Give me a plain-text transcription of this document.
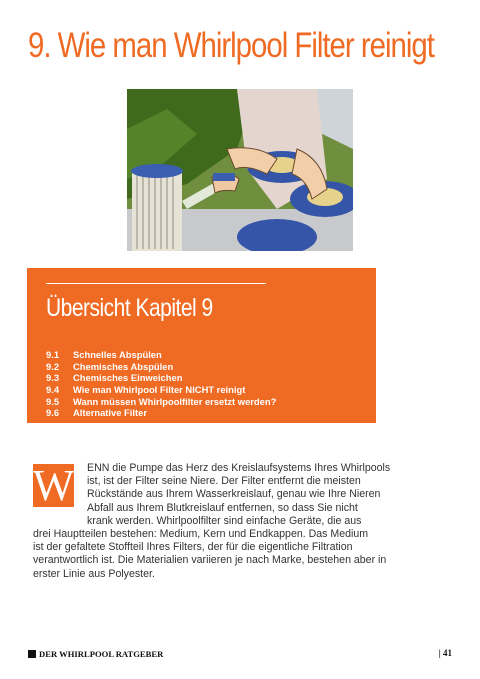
9. Wie man Whirlpool Filter reinigt
Übersicht Kapitel 9
9.1	Schnelles Abspülen
9.2	Chemisches Abspülen
9.3	Chemisches Einweichen
9.4	Wie man Whirlpool Filter NICHT reinigt
9.5	Wann müssen Whirlpoolfilter ersetzt werden?
9.6	Alternative Filter
W	ENN die Pumpe das Herz des Kreislaufsystems Ihres Whirlpools
ist, ist der Filter seine Niere. Der Filter entfernt die meisten
Rückstände aus Ihrem Wasserkreislauf, genau wie Ihre Nieren
Abfall aus Ihrem Blutkreislauf entfernen, so dass Sie nicht
krank werden. Whirlpoolfilter sind einfache Geräte, die aus
drei Hauptteilen bestehen: Medium, Kern und Endkappen. Das Medium
ist der gefaltete Stoffteil Ihres Filters, der für die eigentliche Filtration
verantwortlich ist. Die Materialien variieren je nach Marke, bestehen aber in
erster Linie aus Polyester.
DER WHIRLPOOL RATGEBER	| 41
